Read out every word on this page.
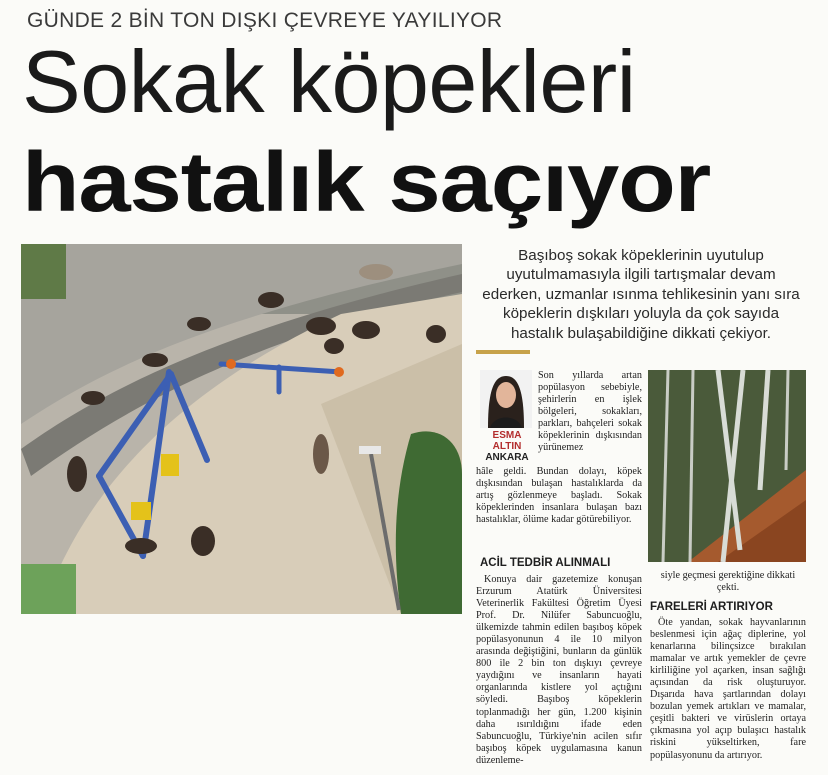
GÜNDE 2 BİN TON DIŞKI ÇEVREYE YAYILIYOR
Sokak köpekleri
hastalık saçıyor
Başıboş sokak köpeklerinin uyutulup uyutulmamasıyla ilgili tartışmalar devam ederken, uzmanlar ısınma tehlikesinin yanı sıra köpeklerin dışkıları yoluyla da çok sayıda hastalık bulaşabildiğine dikkati çekiyor.
ESMA ALTIN
ANKARA
Son yıllarda artan popülasyon sebebiyle, şehirlerin en işlek bölgeleri, sokakları, parkları, bahçeleri sokak köpeklerinin dışkısından yürünemez
hâle geldi. Bundan dolayı, köpek dışkısından bulaşan hastalıklarda da artış gözlenmeye başladı. Sokak köpeklerinden insanlara bulaşan bazı hastalıklar, ölüme kadar götürebiliyor.
ACİL TEDBİR ALINMALI
Konuya dair gazetemize konuşan Erzurum Atatürk Üniversitesi Veterinerlik Fakültesi Öğretim Üyesi Prof. Dr. Nilüfer Sabuncuoğlu, ülkemizde tahmin edilen başıboş köpek popülasyonunun 4 ile 10 milyon arasında değiştiğini, bunların da günlük 800 ile 2 bin ton dışkıyı çevreye yaydığını ve insanların hayati organlarında kistlere yol açtığını söyledi. Başıboş köpeklerin toplanmadığı her gün, 1.200 kişinin daha ısırıldığını ifade eden Sabuncuoğlu, Türkiye'nin acilen sıfır başıboş köpek uygulamasına kanun düzenleme-
siyle geçmesi gerektiğine dikkati çekti.
FARELERİ ARTIRIYOR
Öte yandan, sokak hayvanlarının beslenmesi için ağaç diplerine, yol kenarlarına bilinçsizce bırakılan mamalar ve artık yemekler de çevre kirliliğine yol açarken, insan sağlığı açısından da risk oluşturuyor. Dışarıda hava şartlarından dolayı bozulan yemek artıkları ve mamalar, çeşitli bakteri ve virüslerin ortaya çıkmasına yol açıp bulaşıcı hastalık riskini yükseltirken, fare popülasyonunu da artırıyor.
